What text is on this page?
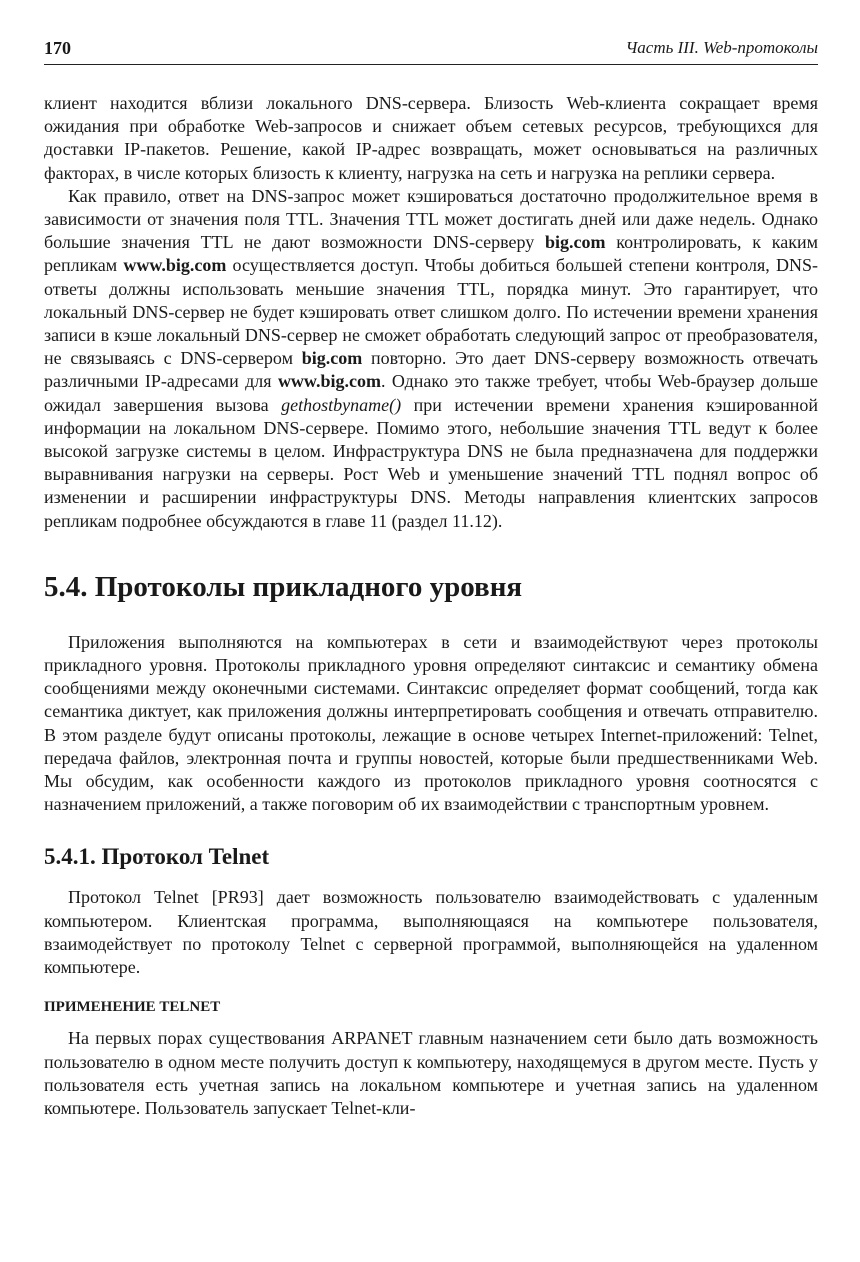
170	Часть III. Web-протоколы

клиент находится вблизи локального DNS-сервера. Близость Web-клиента сокращает время ожидания при обработке Web-запросов и снижает объем сетевых ресурсов, требующихся для доставки IP-пакетов. Решение, какой IP-адрес возвращать, может основываться на различных факторах, в числе которых близость к клиенту, нагрузка на сеть и нагрузка на реплики сервера.

Как правило, ответ на DNS-запрос может кэшироваться достаточно продолжительное время в зависимости от значения поля TTL. Значения TTL может достигать дней или даже недель. Однако большие значения TTL не дают возможности DNS-серверу big.com контролировать, к каким репликам www.big.com осуществляется доступ. Чтобы добиться большей степени контроля, DNS-ответы должны использовать меньшие значения TTL, порядка минут. Это гарантирует, что локальный DNS-сервер не будет кэшировать ответ слишком долго. По истечении времени хранения записи в кэше локальный DNS-сервер не сможет обработать следующий запрос от преобразователя, не связываясь с DNS-сервером big.com повторно. Это дает DNS-серверу возможность отвечать различными IP-адресами для www.big.com. Однако это также требует, чтобы Web-браузер дольше ожидал завершения вызова gethostbyname() при истечении времени хранения кэшированной информации на локальном DNS-сервере. Помимо этого, небольшие значения TTL ведут к более высокой загрузке системы в целом. Инфраструктура DNS не была предназначена для поддержки выравнивания нагрузки на серверы. Рост Web и уменьшение значений TTL поднял вопрос об изменении и расширении инфраструктуры DNS. Методы направления клиентских запросов репликам подробнее обсуждаются в главе 11 (раздел 11.12).

5.4. Протоколы прикладного уровня

Приложения выполняются на компьютерах в сети и взаимодействуют через протоколы прикладного уровня. Протоколы прикладного уровня определяют синтаксис и семантику обмена сообщениями между оконечными системами. Синтаксис определяет формат сообщений, тогда как семантика диктует, как приложения должны интерпретировать сообщения и отвечать отправителю. В этом разделе будут описаны протоколы, лежащие в основе четырех Internet-приложений: Telnet, передача файлов, электронная почта и группы новостей, которые были предшественниками Web. Мы обсудим, как особенности каждого из протоколов прикладного уровня соотносятся с назначением приложений, а также поговорим об их взаимодействии с транспортным уровнем.

5.4.1. Протокол Telnet

Протокол Telnet [PR93] дает возможность пользователю взаимодействовать с удаленным компьютером. Клиентская программа, выполняющаяся на компьютере пользователя, взаимодействует по протоколу Telnet с серверной программой, выполняющейся на удаленном компьютере.

ПРИМЕНЕНИЕ TELNET

На первых порах существования ARPANET главным назначением сети было дать возможность пользователю в одном месте получить доступ к компьютеру, находящемуся в другом месте. Пусть у пользователя есть учетная запись на локальном компьютере и учетная запись на удаленном компьютере. Пользователь запускает Telnet-кли-
